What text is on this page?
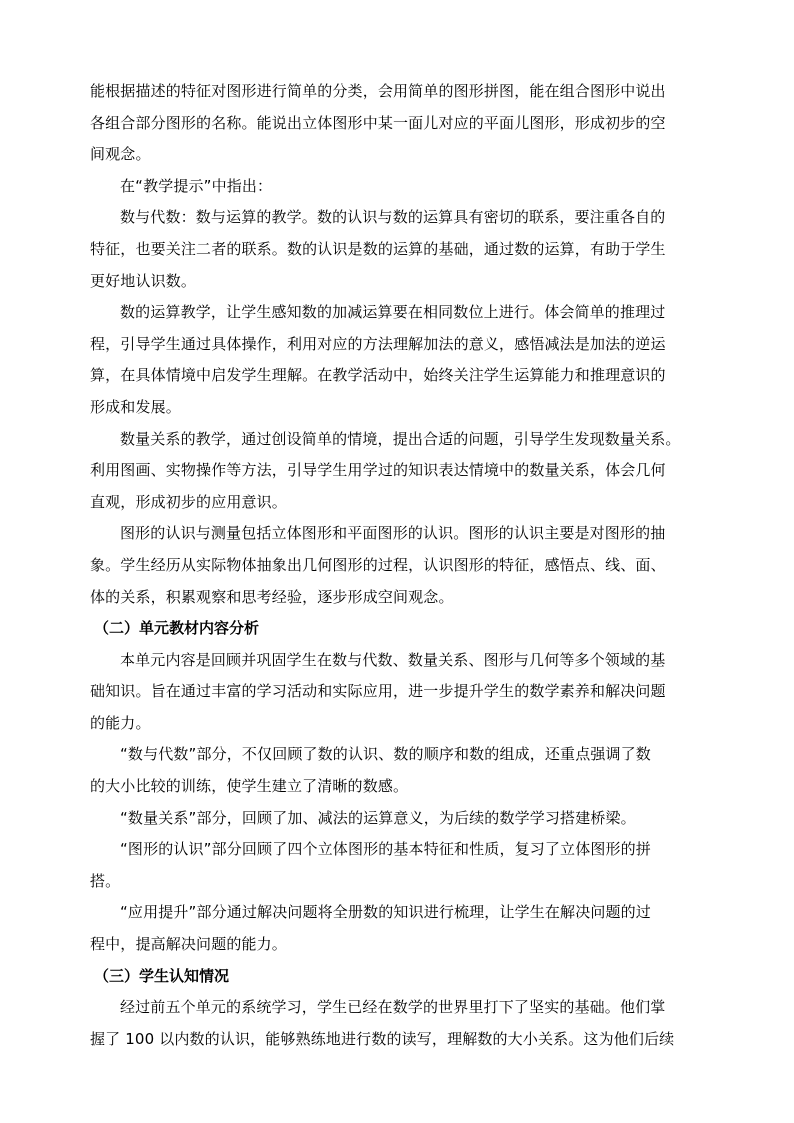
能根据描述的特征对图形进行简单的分类，会用简单的图形拼图，能在组合图形中说出
各组合部分图形的名称。能说出立体图形中某一面儿对应的平面儿图形，形成初步的空
间观念。
在“教学提示”中指出：
数与代数：数与运算的教学。数的认识与数的运算具有密切的联系，要注重各自的
特征，也要关注二者的联系。数的认识是数的运算的基础，通过数的运算，有助于学生
更好地认识数。
数的运算教学，让学生感知数的加减运算要在相同数位上进行。体会简单的推理过
程，引导学生通过具体操作，利用对应的方法理解加法的意义，感悟减法是加法的逆运
算，在具体情境中启发学生理解。在教学活动中，始终关注学生运算能力和推理意识的
形成和发展。
数量关系的教学，通过创设简单的情境，提出合适的问题，引导学生发现数量关系。
利用图画、实物操作等方法，引导学生用学过的知识表达情境中的数量关系，体会几何
直观，形成初步的应用意识。
图形的认识与测量包括立体图形和平面图形的认识。图形的认识主要是对图形的抽
象。学生经历从实际物体抽象出几何图形的过程，认识图形的特征，感悟点、线、面、
体的关系，积累观察和思考经验，逐步形成空间观念。
（二）单元教材内容分析
本单元内容是回顾并巩固学生在数与代数、数量关系、图形与几何等多个领域的基
础知识。旨在通过丰富的学习活动和实际应用，进一步提升学生的数学素养和解决问题
的能力。
“数与代数”部分，不仅回顾了数的认识、数的顺序和数的组成，还重点强调了数
的大小比较的训练，使学生建立了清晰的数感。
“数量关系”部分，回顾了加、减法的运算意义，为后续的数学学习搭建桥梁。
“图形的认识”部分回顾了四个立体图形的基本特征和性质，复习了立体图形的拼
搭。
“应用提升”部分通过解决问题将全册数的知识进行梳理，让学生在解决问题的过
程中，提高解决问题的能力。
（三）学生认知情况
经过前五个单元的系统学习，学生已经在数学的世界里打下了坚实的基础。他们掌
握了 100 以内数的认识，能够熟练地进行数的读写，理解数的大小关系。这为他们后续
